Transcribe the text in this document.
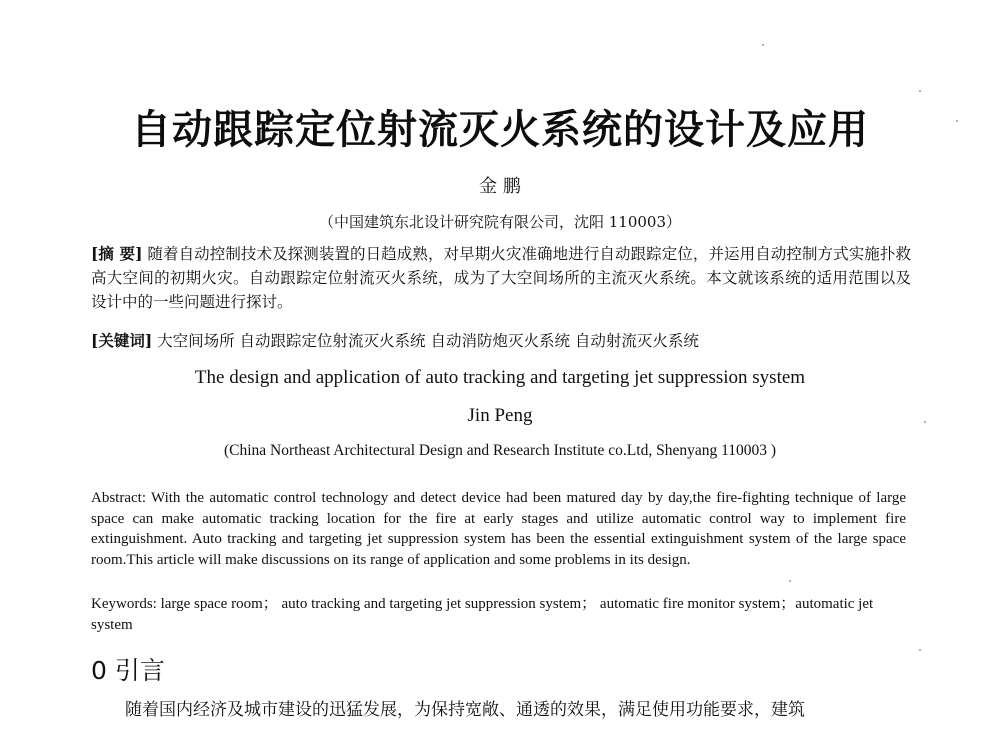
自动跟踪定位射流灭火系统的设计及应用
金 鹏
（中国建筑东北设计研究院有限公司，沈阳 110003）
[摘 要] 随着自动控制技术及探测装置的日趋成熟，对早期火灾准确地进行自动跟踪定位，并运用自动控制方式实施扑救高大空间的初期火灾。自动跟踪定位射流灭火系统，成为了大空间场所的主流灭火系统。本文就该系统的适用范围以及设计中的一些问题进行探讨。
[关键词] 大空间场所 自动跟踪定位射流灭火系统 自动消防炮灭火系统 自动射流灭火系统
The design and application of auto tracking and targeting jet suppression system
Jin Peng
(China Northeast Architectural Design and Research Institute co.Ltd, Shenyang 110003 )
Abstract: With the automatic control technology and detect device had been matured day by day,the fire-fighting technique of large space can make automatic tracking location for the fire at early stages and utilize automatic control way to implement fire extinguishment. Auto tracking and targeting jet suppression system has been the essential extinguishment system of the large space room.This article will make discussions on its range of application and some problems in its design.
Keywords: large space room； auto tracking and targeting jet suppression system； automatic fire monitor system；automatic jet system
0 引言
随着国内经济及城市建设的迅猛发展，为保持宽敞、通透的效果，满足使用功能要求，建筑
